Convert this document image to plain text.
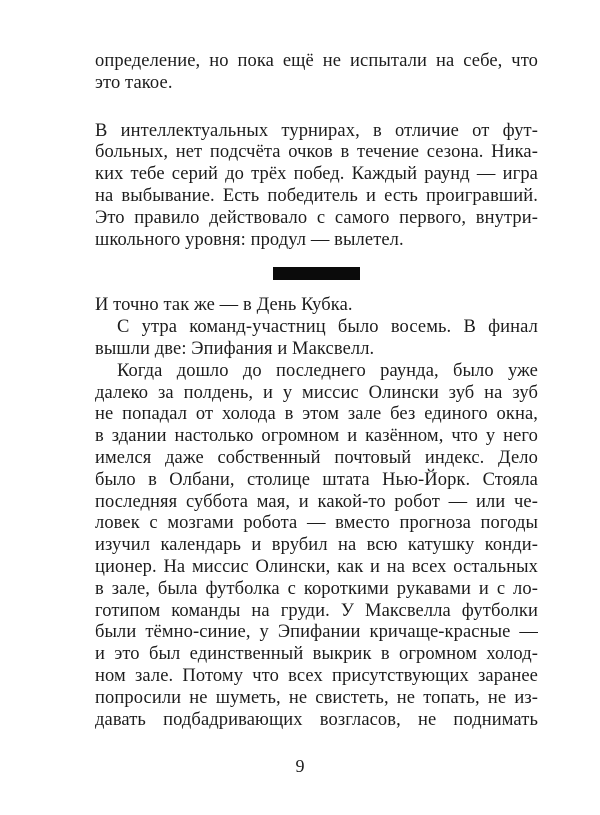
определение, но пока ещё не испытали на себе, что
это такое.
В интеллектуальных турнирах, в отличие от фут-
больных, нет подсчёта очков в течение сезона. Ника-
ких тебе серий до трёх побед. Каждый раунд — игра
на выбывание. Есть победитель и есть проигравший.
Это правило действовало с самого первого, внутри-
школьного уровня: продул — вылетел.
И точно так же — в День Кубка.
С утра команд-участниц было восемь. В финал
вышли две: Эпифания и Максвелл.
Когда дошло до последнего раунда, было уже
далеко за полдень, и у миссис Олински зуб на зуб
не попадал от холода в этом зале без единого окна,
в здании настолько огромном и казённом, что у него
имелся даже собственный почтовый индекс. Дело
было в Олбани, столице штата Нью-Йорк. Стояла
последняя суббота мая, и какой-то робот — или че-
ловек с мозгами робота — вместо прогноза погоды
изучил календарь и врубил на всю катушку конди-
ционер. На миссис Олински, как и на всех остальных
в зале, была футболка с короткими рукавами и с ло-
готипом команды на груди. У Максвелла футболки
были тёмно-синие, у Эпифании кричаще-красные —
и это был единственный выкрик в огромном холод-
ном зале. Потому что всех присутствующих заранее
попросили не шуметь, не свистеть, не топать, не из-
давать подбадривающих возгласов, не поднимать
9
